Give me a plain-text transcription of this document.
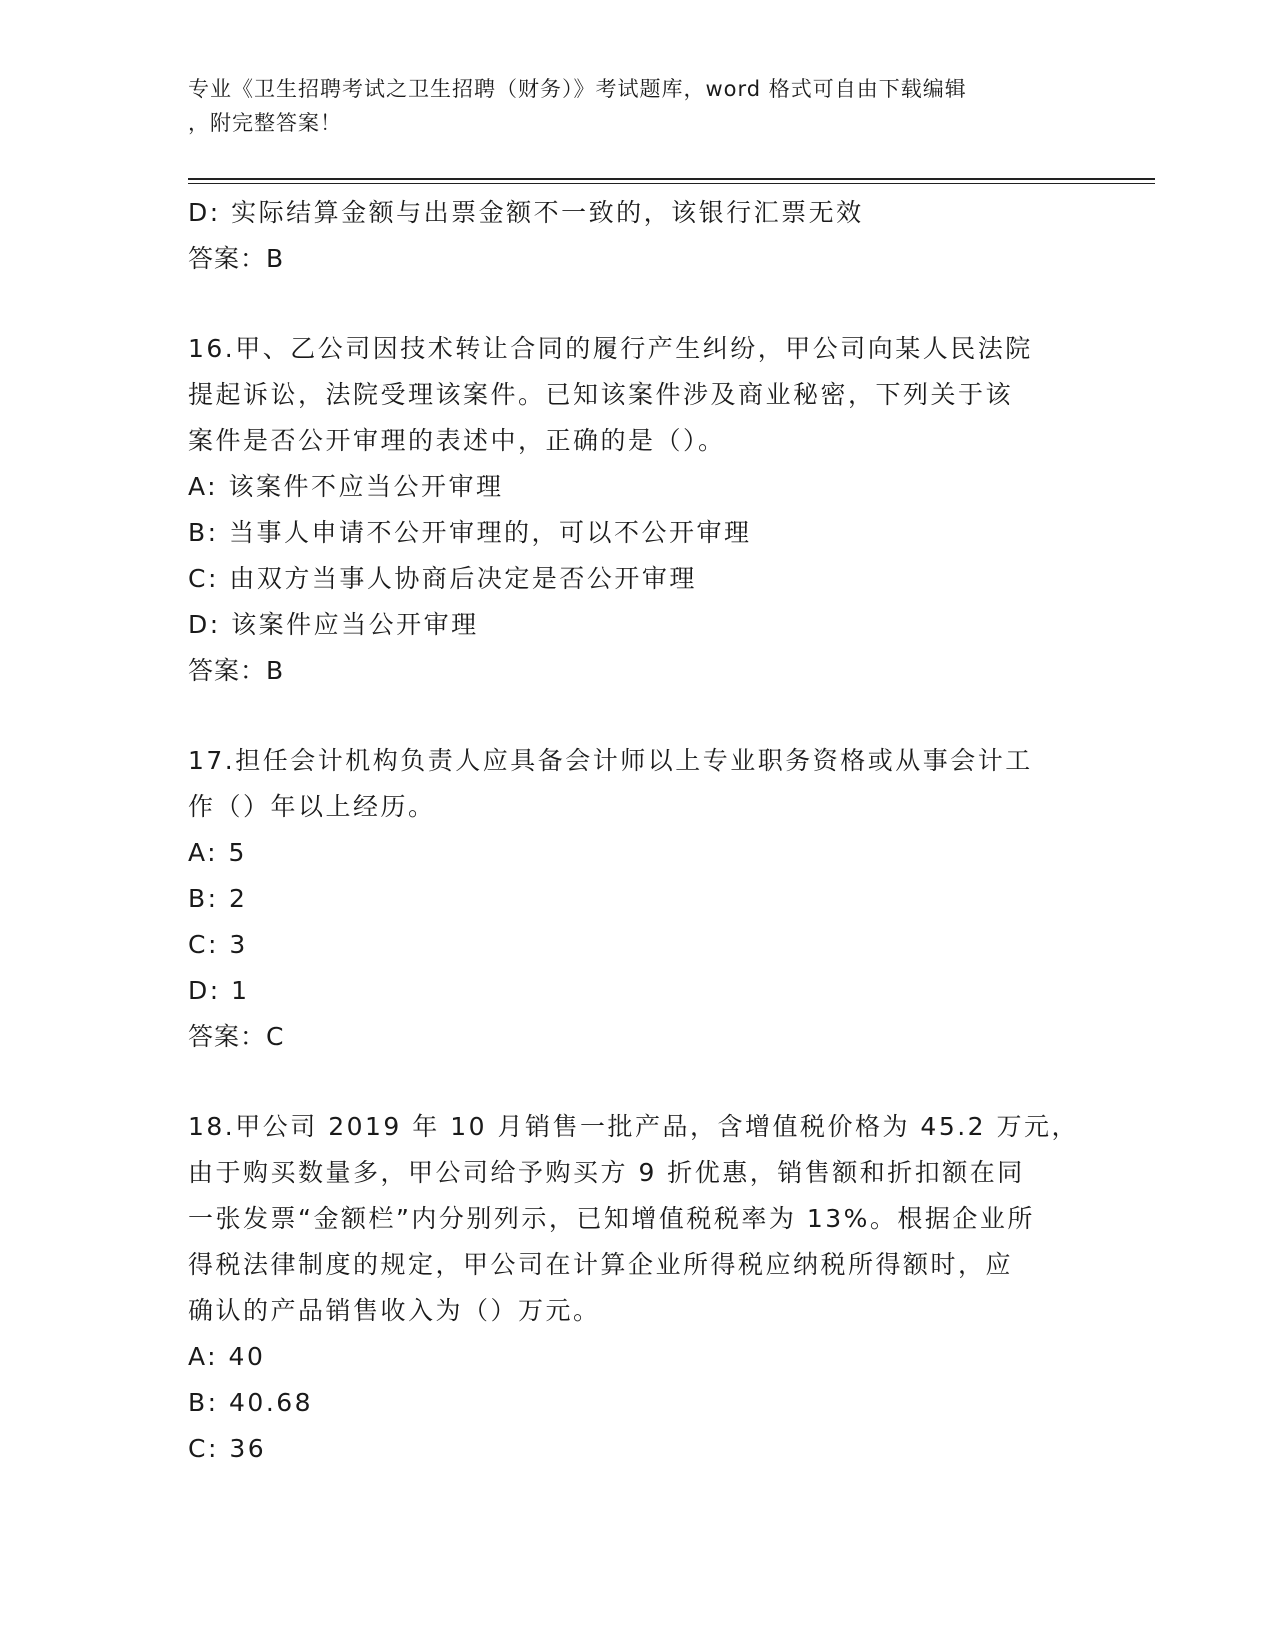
专业《卫生招聘考试之卫生招聘（财务）》考试题库，word 格式可自由下载编辑
，附完整答案！
D: 实际结算金额与出票金额不一致的，该银行汇票无效
答案：B
16.甲、乙公司因技术转让合同的履行产生纠纷，甲公司向某人民法院
提起诉讼，法院受理该案件。已知该案件涉及商业秘密，下列关于该
案件是否公开审理的表述中，正确的是（）。
A: 该案件不应当公开审理
B: 当事人申请不公开审理的，可以不公开审理
C: 由双方当事人协商后决定是否公开审理
D: 该案件应当公开审理
答案：B
17.担任会计机构负责人应具备会计师以上专业职务资格或从事会计工
作（）年以上经历。
A: 5
B: 2
C: 3
D: 1
答案：C
18.甲公司 2019 年 10 月销售一批产品，含增值税价格为 45.2 万元，
由于购买数量多，甲公司给予购买方 9 折优惠，销售额和折扣额在同
一张发票“金额栏”内分别列示，已知增值税税率为 13%。根据企业所
得税法律制度的规定，甲公司在计算企业所得税应纳税所得额时，应
确认的产品销售收入为（）万元。
A: 40
B: 40.68
C: 36
